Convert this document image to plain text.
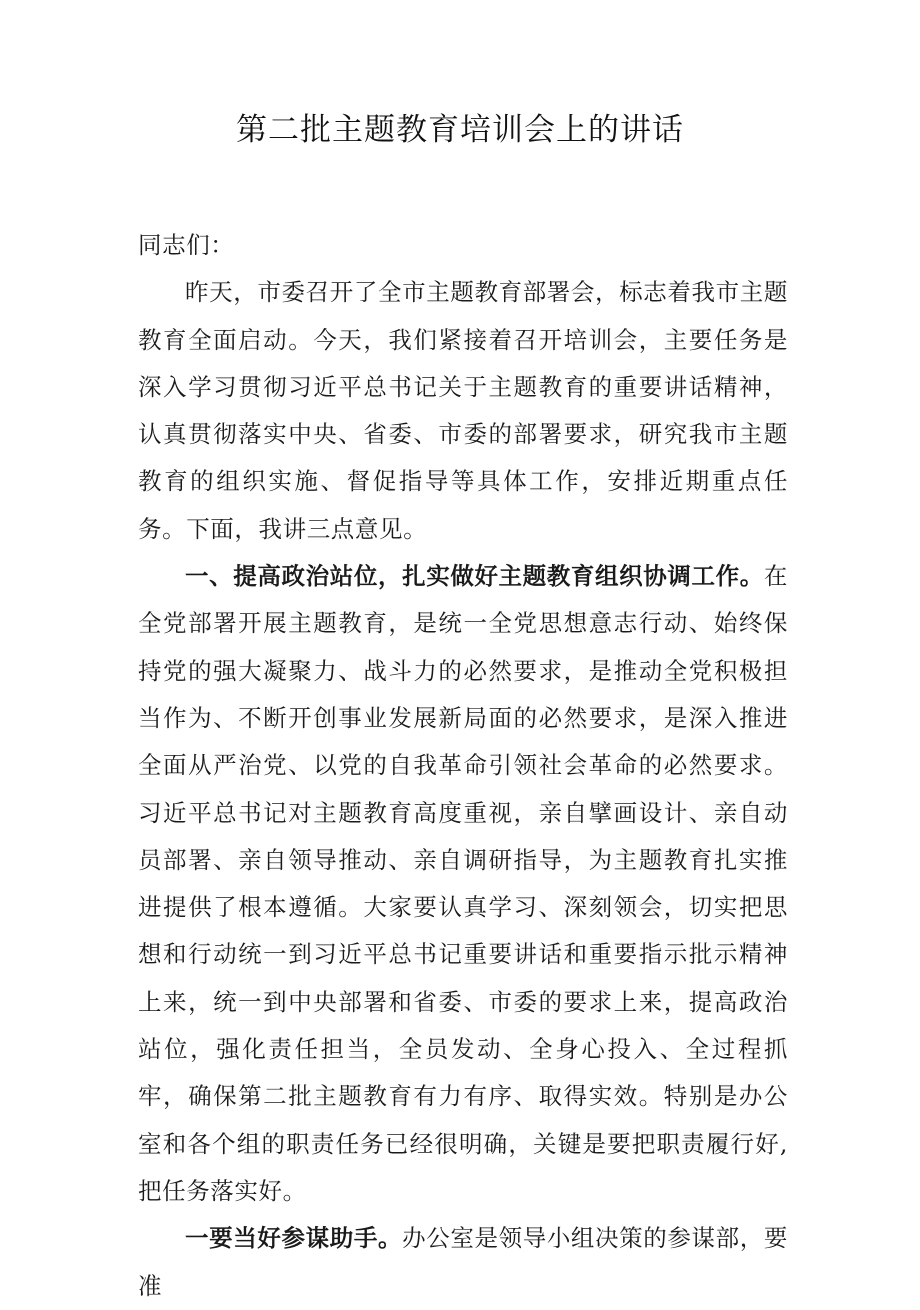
第二批主题教育培训会上的讲话

同志们：

昨天，市委召开了全市主题教育部署会，标志着我市主题教育全面启动。今天，我们紧接着召开培训会，主要任务是深入学习贯彻习近平总书记关于主题教育的重要讲话精神，认真贯彻落实中央、省委、市委的部署要求，研究我市主题教育的组织实施、督促指导等具体工作，安排近期重点任务。下面，我讲三点意见。

一、提高政治站位，扎实做好主题教育组织协调工作。在全党部署开展主题教育，是统一全党思想意志行动、始终保持党的强大凝聚力、战斗力的必然要求，是推动全党积极担当作为、不断开创事业发展新局面的必然要求，是深入推进全面从严治党、以党的自我革命引领社会革命的必然要求。习近平总书记对主题教育高度重视，亲自擘画设计、亲自动员部署、亲自领导推动、亲自调研指导，为主题教育扎实推进提供了根本遵循。大家要认真学习、深刻领会，切实把思想和行动统一到习近平总书记重要讲话和重要指示批示精神上来，统一到中央部署和省委、市委的要求上来，提高政治站位，强化责任担当，全员发动、全身心投入、全过程抓牢，确保第二批主题教育有力有序、取得实效。特别是办公室和各个组的职责任务已经很明确，关键是要把职责履行好,把任务落实好。

一要当好参谋助手。办公室是领导小组决策的参谋部，要准
